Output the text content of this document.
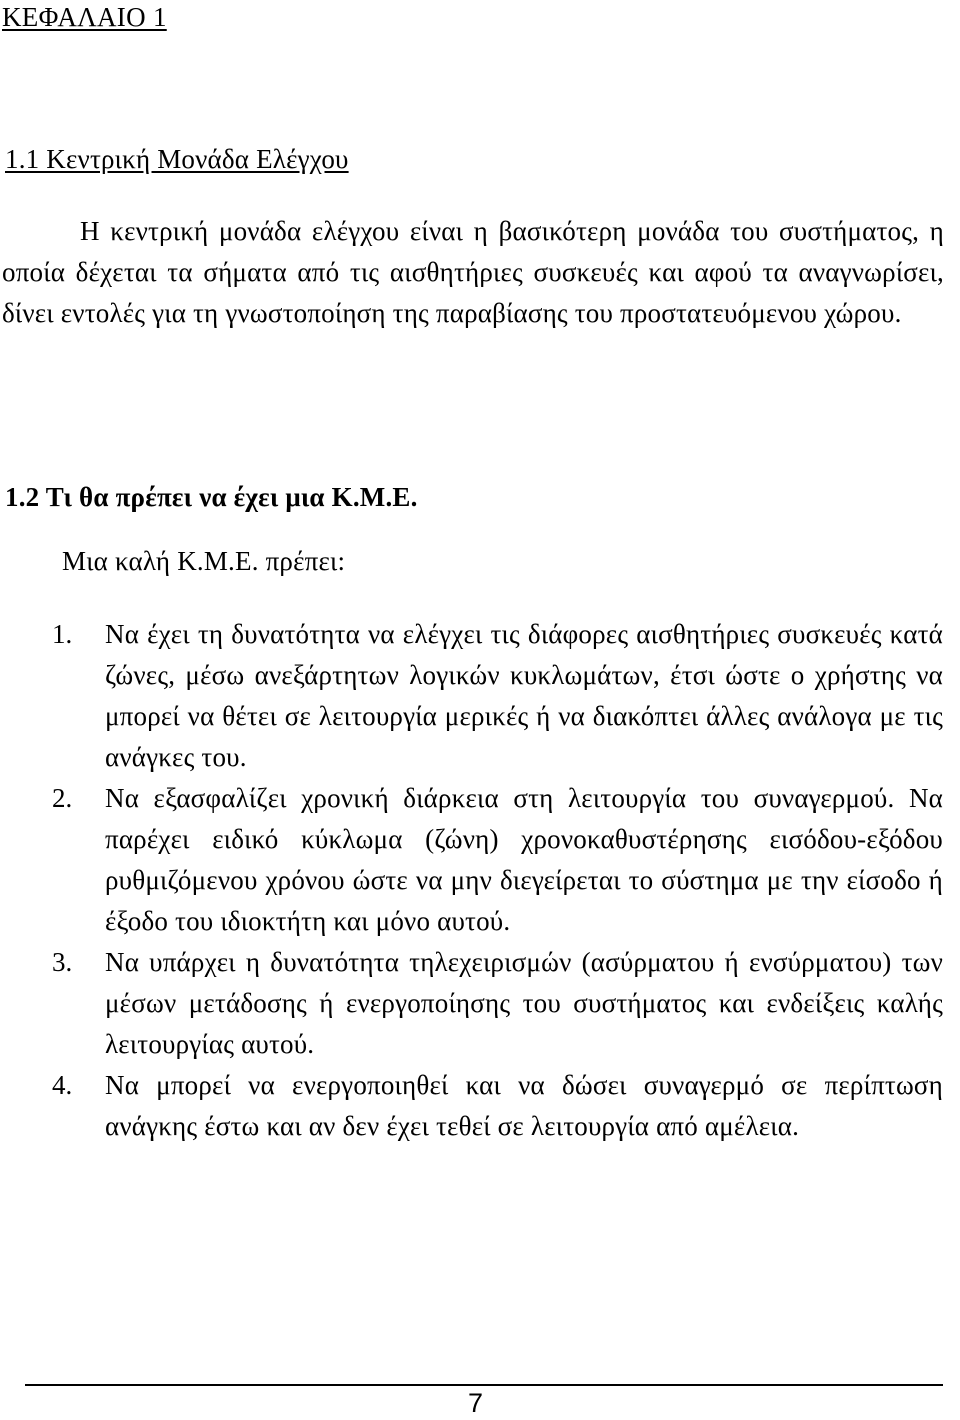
ΚΕΦΑΛΑΙΟ 1
1.1 Κεντρική Μονάδα Ελέγχου

Η κεντρική μονάδα ελέγχου είναι η βασικότερη μονάδα του συστήματος, η οποία δέχεται τα σήματα από τις αισθητήριες συσκευές και αφού τα αναγνωρίσει, δίνει εντολές για τη γνωστοποίηση της παραβίασης του προστατευόμενου χώρου.

1.2 Τι θα πρέπει να έχει μια Κ.Μ.Ε.
Μια καλή Κ.Μ.Ε. πρέπει:
1. Να έχει τη δυνατότητα να ελέγχει τις διάφορες αισθητήριες συσκευές κατά ζώνες, μέσω ανεξάρτητων λογικών κυκλωμάτων, έτσι ώστε ο χρήστης να μπορεί να θέτει σε λειτουργία μερικές ή να διακόπτει άλλες ανάλογα με τις ανάγκες του.
2. Να εξασφαλίζει χρονική διάρκεια στη λειτουργία του συναγερμού. Να παρέχει ειδικό κύκλωμα (ζώνη) χρονοκαθυστέρησης εισόδου-εξόδου ρυθμιζόμενου χρόνου ώστε να μην διεγείρεται το σύστημα με την είσοδο ή έξοδο του ιδιοκτήτη και μόνο αυτού.
3. Να υπάρχει η δυνατότητα τηλεχειρισμών (ασύρματου ή ενσύρματου) των μέσων μετάδοσης ή ενεργοποίησης του συστήματος και ενδείξεις καλής λειτουργίας αυτού.
4. Να μπορεί να ενεργοποιηθεί και να δώσει συναγερμό σε περίπτωση ανάγκης έστω και αν δεν έχει τεθεί σε λειτουργία από αμέλεια.
7
